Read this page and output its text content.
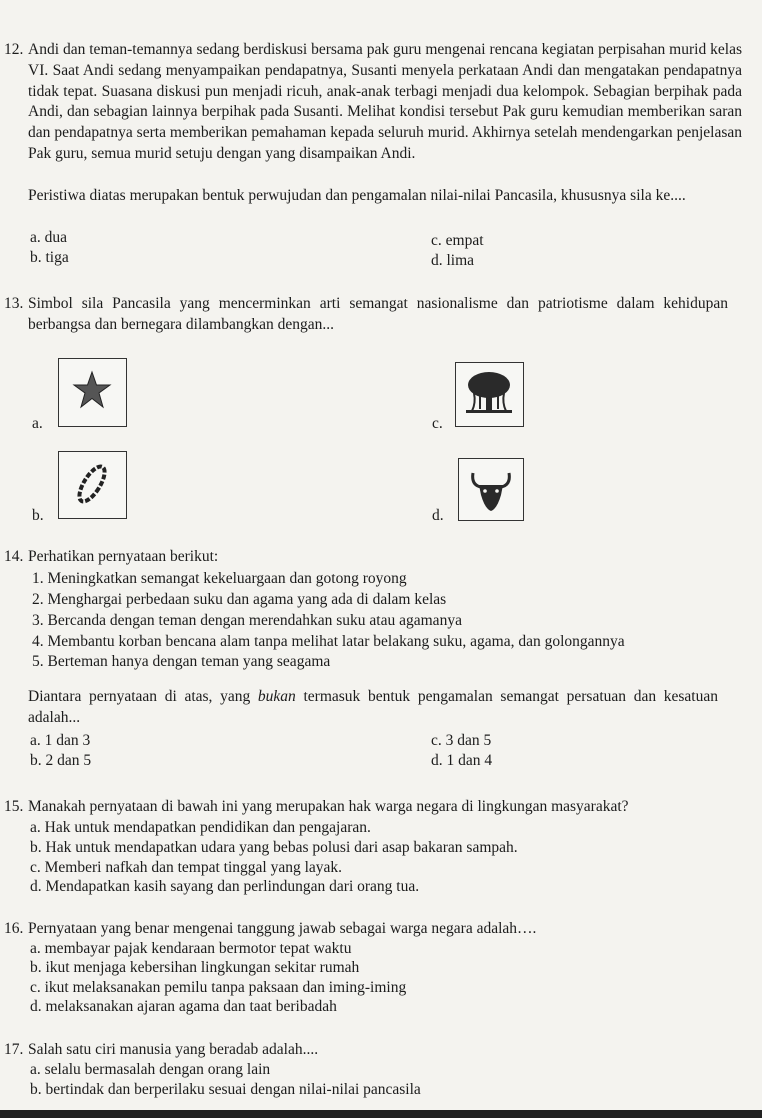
12. Andi dan teman-temannya sedang berdiskusi bersama pak guru mengenai rencana kegiatan perpisahan murid kelas VI. Saat Andi sedang menyampaikan pendapatnya, Susanti menyela perkataan Andi dan mengatakan pendapatnya tidak tepat. Suasana diskusi pun menjadi ricuh, anak-anak terbagi menjadi dua kelompok. Sebagian berpihak pada Andi, dan sebagian lainnya berpihak pada Susanti. Melihat kondisi tersebut Pak guru kemudian memberikan saran dan pendapatnya serta memberikan pemahaman kepada seluruh murid. Akhirnya setelah mendengarkan penjelasan Pak guru, semua murid setuju dengan yang disampaikan Andi.
Peristiwa diatas merupakan bentuk perwujudan dan pengamalan nilai-nilai Pancasila, khususnya sila ke....
a. dua
b. tiga
c. empat
d. lima
13. Simbol sila Pancasila yang mencerminkan arti semangat nasionalisme dan patriotisme dalam kehidupan berbangsa dan bernegara dilambangkan dengan...
a.	c.
b.	d.
14. Perhatikan pernyataan berikut:
1. Meningkatkan semangat kekeluargaan dan gotong royong
2. Menghargai perbedaan suku dan agama yang ada di dalam kelas
3. Bercanda dengan teman dengan merendahkan suku atau agamanya
4. Membantu korban bencana alam tanpa melihat latar belakang suku, agama, dan golongannya
5. Berteman hanya dengan teman yang seagama
Diantara pernyataan di atas, yang bukan termasuk bentuk pengamalan semangat persatuan dan kesatuan adalah...
a. 1 dan 3
b. 2 dan 5
c. 3 dan 5
d. 1 dan 4
15. Manakah pernyataan di bawah ini yang merupakan hak warga negara di lingkungan masyarakat?
a. Hak untuk mendapatkan pendidikan dan pengajaran.
b. Hak untuk mendapatkan udara yang bebas polusi dari asap bakaran sampah.
c. Memberi nafkah dan tempat tinggal yang layak.
d. Mendapatkan kasih sayang dan perlindungan dari orang tua.
16. Pernyataan yang benar mengenai tanggung jawab sebagai warga negara adalah….
a. membayar pajak kendaraan bermotor tepat waktu
b. ikut menjaga kebersihan lingkungan sekitar rumah
c. ikut melaksanakan pemilu tanpa paksaan dan iming-iming
d. melaksanakan ajaran agama dan taat beribadah
17. Salah satu ciri manusia yang beradab adalah....
a. selalu bermasalah dengan orang lain
b. bertindak dan berperilaku sesuai dengan nilai-nilai pancasila
